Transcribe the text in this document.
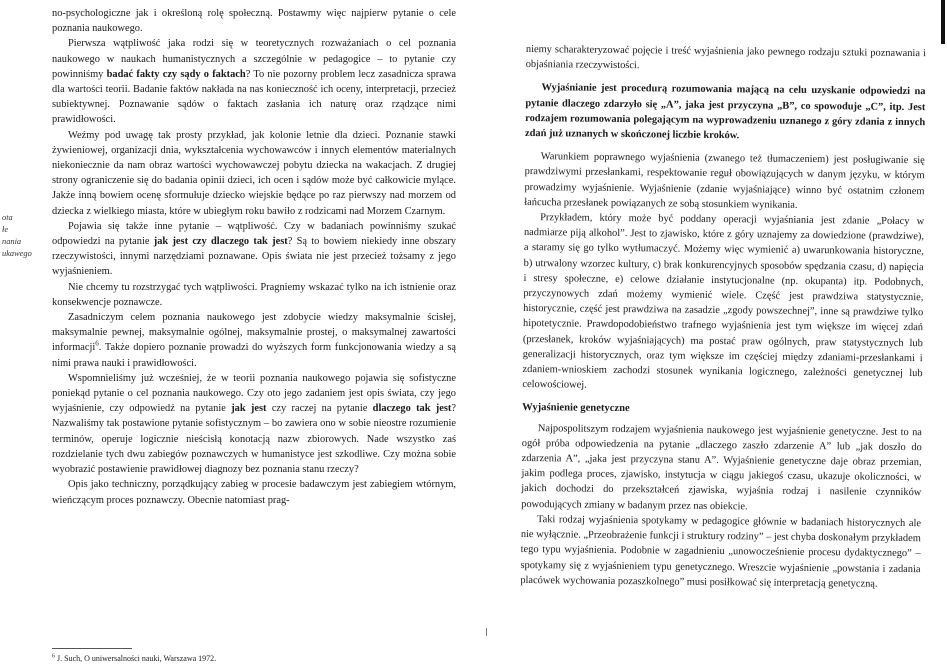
ota
łe
nania
ukawego

no-psychologiczne jak i określoną rolę społeczną. Postawmy więc najpierw pytanie o cele poznania naukowego.

Pierwsza wątpliwość jaka rodzi się w teoretycznych rozważaniach o cel poznania naukowego w naukach humanistycznych a szczególnie w pedagogice – to pytanie czy powinniśmy badać fakty czy sądy o faktach? To nie pozorny problem lecz zasadnicza sprawa dla wartości teorii. Badanie faktów nakłada na nas konieczność ich oceny, interpretacji, przecież subiektywnej. Poznawanie sądów o faktach zasłania ich naturę oraz rządzące nimi prawidłowości.

Weźmy pod uwagę tak prosty przykład, jak kolonie letnie dla dzieci. Poznanie stawki żywieniowej, organizacji dnia, wykształcenia wychowawców i innych elementów materialnych niekoniecznie da nam obraz wartości wychowawczej pobytu dziecka na wakacjach. Z drugiej strony ograniczenie się do badania opinii dzieci, ich ocen i sądów może być całkowicie mylące. Jakże inną bowiem ocenę sformułuje dziecko wiejskie będące po raz pierwszy nad morzem od dziecka z wielkiego miasta, które w ubiegłym roku bawiło z rodzicami nad Morzem Czarnym.

Pojawia się także inne pytanie – wątpliwość. Czy w badaniach powinniśmy szukać odpowiedzi na pytanie jak jest czy dlaczego tak jest? Są to bowiem niekiedy inne obszary rzeczywistości, innymi narzędziami poznawane. Opis świata nie jest przecież tożsamy z jego wyjaśnieniem.

Nie chcemy tu rozstrzygać tych wątpliwości. Pragniemy wskazać tylko na ich istnienie oraz konsekwencje poznawcze.

Zasadniczym celem poznania naukowego jest zdobycie wiedzy maksymalnie ścisłej, maksymalnie pewnej, maksymalnie ogólnej, maksymalnie prostej, o maksymalnej zawartości informacji$^6$. Także dopiero poznanie prowadzi do wyższych form funkcjonowania wiedzy a są nimi prawa nauki i prawidłowości.

Wspomnieliśmy już wcześniej, że w teorii poznania naukowego pojawia się sofistyczne poniekąd pytanie o cel poznania naukowego. Czy oto jego zadaniem jest opis świata, czy jego wyjaśnienie, czy odpowiedź na pytanie jak jest czy raczej na pytanie dlaczego tak jest? Nazwaliśmy tak postawione pytanie sofistycznym – bo zawiera ono w sobie nieostre rozumienie terminów, operuje logicznie nieścisłą konotacją nazw zbiorowych. Nade wszystko zaś rozdzielanie tych dwu zabiegów poznawczych w humanistyce jest szkodliwe. Czy można sobie wyobrazić postawienie prawidłowej diagnozy bez poznania stanu rzeczy?

Opis jako techniczny, porządkujący zabieg w procesie badawczym jest zabiegiem wtórnym, wieńczącym proces poznawczy. Obecnie natomiast prag-

$^6$ J. Such, O uniwersalności nauki, Warszawa 1972.

niemy scharakteryzować pojęcie i treść wyjaśnienia jako pewnego rodzaju sztuki poznawania i objaśniania rzeczywistości.

Wyjaśnianie jest procedurą rozumowania mającą na celu uzyskanie odpowiedzi na pytanie dlaczego zdarzyło się „A”, jaka jest przyczyna „B”, co spowoduje „C”, itp. Jest rodzajem rozumowania polegającym na wyprowadzeniu uznanego z góry zdania z innych zdań już uznanych w skończonej liczbie kroków.

Warunkiem poprawnego wyjaśnienia (zwanego też tłumaczeniem) jest posługiwanie się prawdziwymi przesłankami, respektowanie reguł obowiązujących w danym języku, w którym prowadzimy wyjaśnienie. Wyjaśnienie (zdanie wyjaśniające) winno być ostatnim członem łańcucha przesłanek powiązanych ze sobą stosunkiem wynikania.

Przykładem, który może być poddany operacji wyjaśniania jest zdanie „Połacy w nadmiarze piją alkohol”. Jest to zjawisko, które z góry uznajemy za dowiedzione (prawdziwe), a staramy się go tylko wytłumaczyć. Możemy więc wymienić a) uwarunkowania historyczne, b) utrwalony wzorzec kultury, c) brak konkurencyjnych sposobów spędzania czasu, d) napięcia i stresy społeczne, e) celowe działanie instytucjonalne (np. okupanta) itp. Podobnych, przyczynowych zdań możemy wymienić wiele. Część jest prawdziwa statystycznie, historycznie, część jest prawdziwa na zasadzie „zgody powszechnej”, inne są prawdziwe tylko hipotetycznie. Prawdopodobieństwo trafnego wyjaśnienia jest tym większe im więcej zdań (przesłanek, kroków wyjaśniających) ma postać praw ogólnych, praw statystycznych lub generalizacji historycznych, oraz tym większe im częściej między zdaniami-przesłankami i zdaniem-wnioskiem zachodzi stosunek wynikania logicznego, zależności genetycznej lub celowościowej.

Wyjaśnienie genetyczne

Najpospolitszym rodzajem wyjaśnienia naukowego jest wyjaśnienie genetyczne. Jest to na ogół próba odpowiedzenia na pytanie „dlaczego zaszło zdarzenie A” lub „jak doszło do zdarzenia A”, „jaka jest przyczyna stanu A”. Wyjaśnienie genetyczne daje obraz przemian, jakim podlega proces, zjawisko, instytucja w ciągu jakiegoś czasu, ukazuje okoliczności, w jakich dochodzi do przekształceń zjawiska, wyjaśnia rodzaj i nasilenie czynników powodujących zmiany w badanym przez nas obiekcie.

Taki rodzaj wyjaśnienia spotykamy w pedagogice głównie w badaniach historycznych ale nie wyłącznie. „Przeobrażenie funkcji i struktury rodziny” – jest chyba doskonałym przykładem tego typu wyjaśnienia. Podobnie w zagadnieniu „unowocześnienie procesu dydaktycznego” – spotykamy się z wyjaśnieniem typu genetycznego. Wreszcie wyjaśnienie „powstania i zadania placówek wychowania pozaszkolnego” musi posiłkować się interpretacją genetyczną.
